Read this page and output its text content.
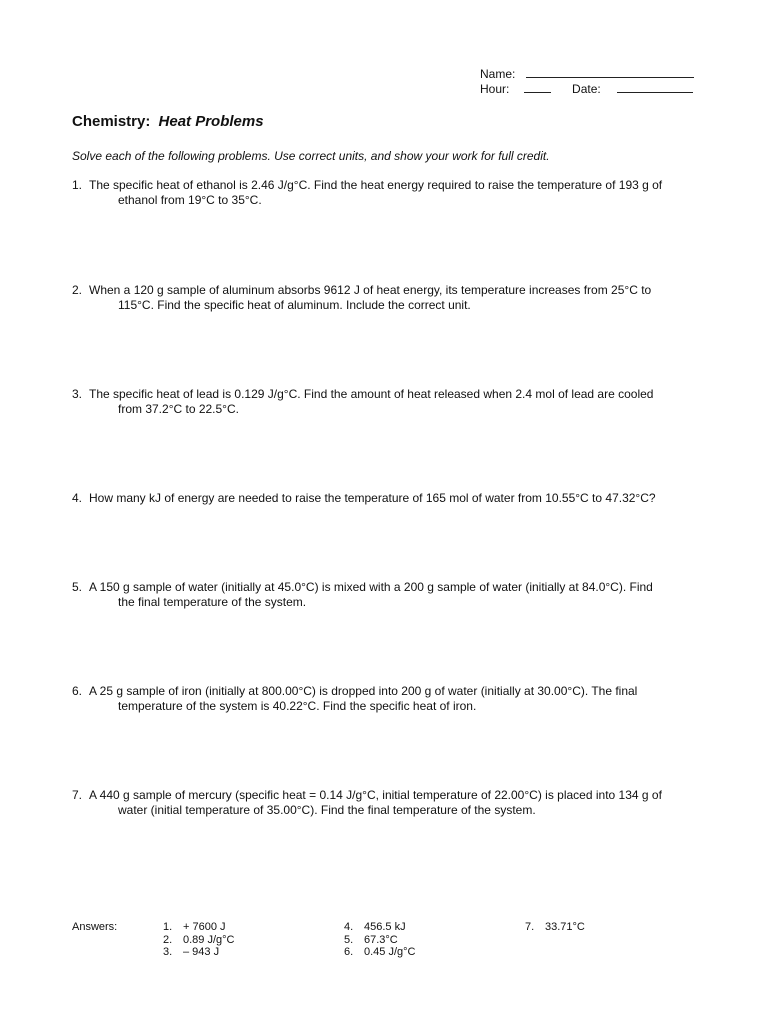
Name:
Hour:	Date:
Chemistry: Heat Problems
Solve each of the following problems. Use correct units, and show your work for full credit.
1. The specific heat of ethanol is 2.46 J/g°C. Find the heat energy required to raise the temperature of 193 g of
ethanol from 19°C to 35°C.
2. When a 120 g sample of aluminum absorbs 9612 J of heat energy, its temperature increases from 25°C to
115°C. Find the specific heat of aluminum. Include the correct unit.
3. The specific heat of lead is 0.129 J/g°C. Find the amount of heat released when 2.4 mol of lead are cooled
from 37.2°C to 22.5°C.
4. How many kJ of energy are needed to raise the temperature of 165 mol of water from 10.55°C to 47.32°C?
5. A 150 g sample of water (initially at 45.0°C) is mixed with a 200 g sample of water (initially at 84.0°C). Find
the final temperature of the system.
6. A 25 g sample of iron (initially at 800.00°C) is dropped into 200 g of water (initially at 30.00°C). The final
temperature of the system is 40.22°C. Find the specific heat of iron.
7. A 440 g sample of mercury (specific heat = 0.14 J/g°C, initial temperature of 22.00°C) is placed into 134 g of
water (initial temperature of 35.00°C). Find the final temperature of the system.
Answers:	1. + 7600 J
2. 0.89 J/g°C
3. – 943 J
4. 456.5 kJ
5. 67.3°C
6. 0.45 J/g°C
7. 33.71°C
